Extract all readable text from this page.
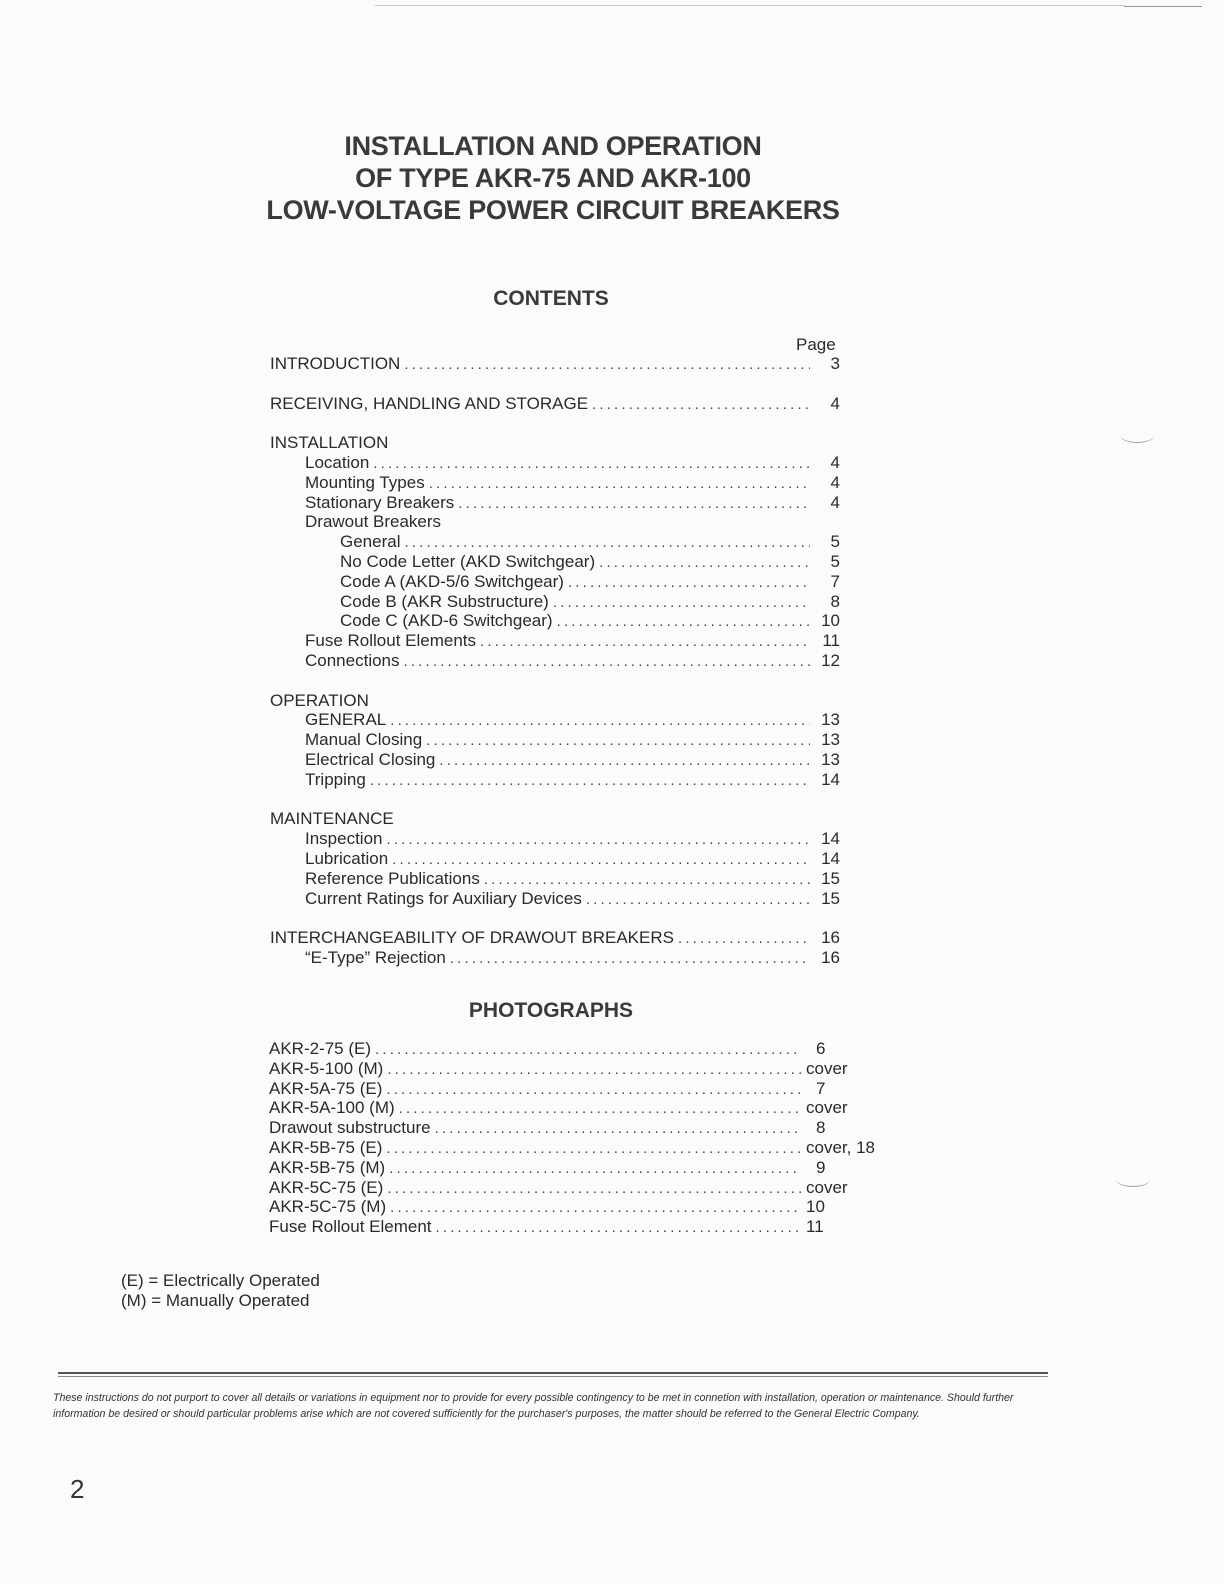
INSTALLATION AND OPERATION
OF TYPE AKR-75 AND AKR-100
LOW-VOLTAGE POWER CIRCUIT BREAKERS
CONTENTS
Page
INTRODUCTION . . .	3
RECEIVING, HANDLING AND STORAGE . . .	4
INSTALLATION
Location . . .	4
Mounting Types . . .	4
Stationary Breakers . . .	4
Drawout Breakers
General . . .	5
No Code Letter (AKD Switchgear) . . .	5
Code A (AKD-5/6 Switchgear) . . .	7
Code B (AKR Substructure) . . .	8
Code C (AKD-6 Switchgear) . . .	10
Fuse Rollout Elements . . .	11
Connections . . .	12
OPERATION
GENERAL . . .	13
Manual Closing . . .	13
Electrical Closing . . .	13
Tripping . . .	14
MAINTENANCE
Inspection . . .	14
Lubrication . . .	14
Reference Publications . . .	15
Current Ratings for Auxiliary Devices . . .	15
INTERCHANGEABILITY OF DRAWOUT BREAKERS . . .	16
“E-Type” Rejection . . .	16
PHOTOGRAPHS
AKR-2-75 (E) . . .	6
AKR-5-100 (M) . . .	cover
AKR-5A-75 (E) . . .	7
AKR-5A-100 (M) . . .	cover
Drawout substructure . . .	8
AKR-5B-75 (E) . . .	cover, 18
AKR-5B-75 (M) . . .	9
AKR-5C-75 (E) . . .	cover
AKR-5C-75 (M) . . .	10
Fuse Rollout Element . . .	11
(E) = Electrically Operated
(M) = Manually Operated
These instructions do not purport to cover all details or variations in equipment nor to provide for every possible contingency to be met in connetion with installation, operation or maintenance. Should further information be desired or should particular problems arise which are not covered sufficiently for the purchaser's purposes, the matter should be referred to the General Electric Company.
2
